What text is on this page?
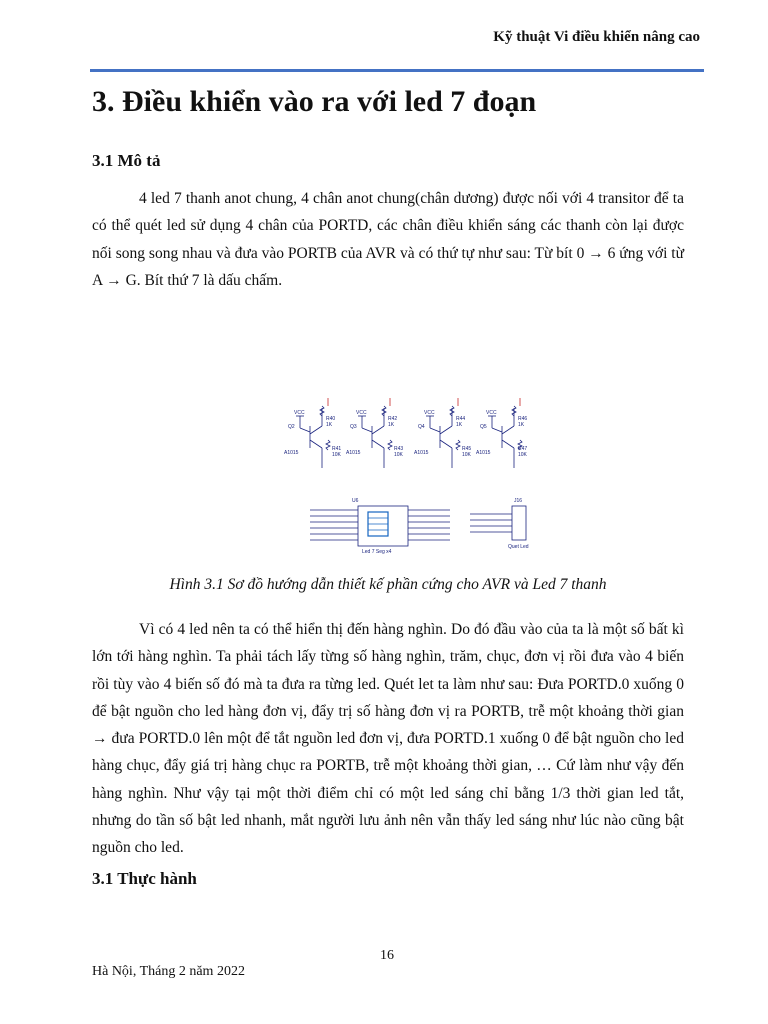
Kỹ thuật Vi điều khiển nâng cao
3. Điều khiển vào ra với led 7 đoạn
3.1 Mô tả

4 led 7 thanh anot chung, 4 chân anot chung(chân dương) được nối với 4 transitor để ta có thể quét led sử dụng 4 chân của PORTD, các chân điều khiển sáng các thanh còn lại được nối song song nhau và đưa vào PORTB của AVR và có thứ tự như sau: Từ bít 0 → 6 ứng với từ A → G. Bít thứ 7 là dấu chấm.

VCC	VCC	VCC	VCC
R40
1K
R41
10K
R42
1K
R43
10K
R44
1K
R45
10K
R46
1K
R47
10K
Q2	Q3	Q4	Q5
A1015	A1015	A1015	A1015
U6
Led 7 Seg x4
J16
Quet Led
Hình 3.1 Sơ đồ hướng dẫn thiết kế phần cứng cho AVR và Led 7 thanh

Vì có 4 led nên ta có thể hiển thị đến hàng nghìn. Do đó đầu vào của ta là một số bất kì lớn tới hàng nghìn. Ta phải tách lấy từng số hàng nghìn, trăm, chục, đơn vị rồi đưa vào 4 biến rồi tùy vào 4 biến số đó mà ta đưa ra từng led. Quét let ta làm như sau: Đưa PORTD.0 xuống 0 để bật nguồn cho led hàng đơn vị, đẩy trị số hàng đơn vị ra PORTB, trễ một khoảng thời gian → đưa PORTD.0 lên một để tắt nguồn led đơn vị, đưa PORTD.1 xuống 0 để bật nguồn cho led hàng chục, đẩy giá trị hàng chục ra PORTB, trễ một khoảng thời gian, … Cứ làm như vậy đến hàng nghìn. Như vậy tại một thời điểm chỉ có một led sáng chỉ bằng 1/3 thời gian led tắt, nhưng do tần số bật led nhanh, mắt người lưu ảnh nên vẫn thấy led sáng như lúc nào cũng bật nguồn cho led.

3.1 Thực hành
16
Hà Nội, Tháng 2 năm 2022
